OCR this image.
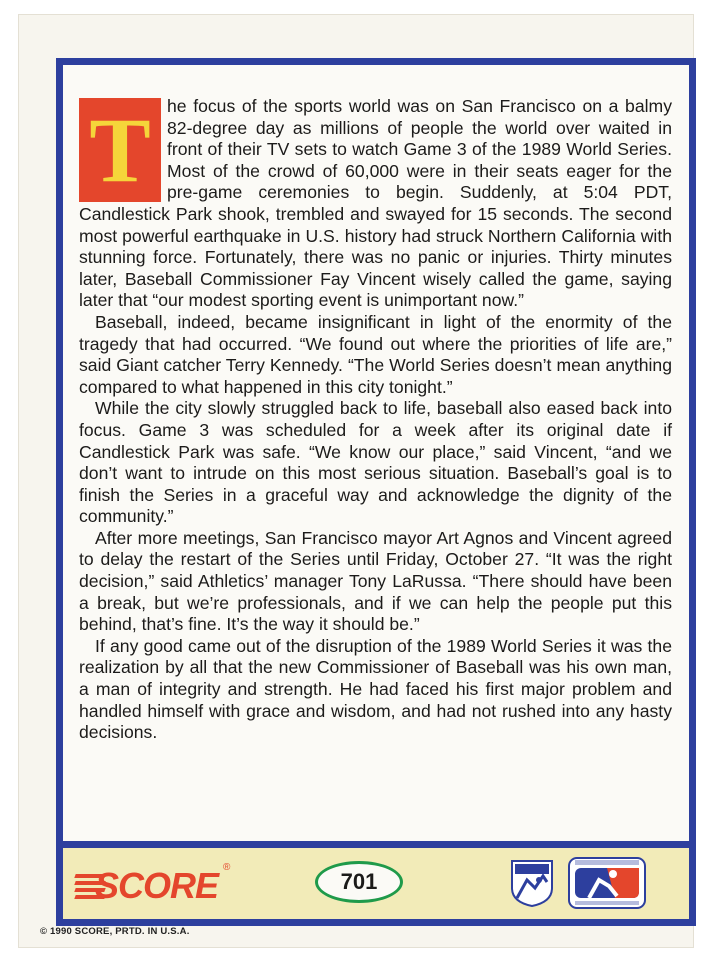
T he focus of the sports world was on San Francisco on a balmy 82-degree day as millions of people the world over waited in front of their TV sets to watch Game 3 of the 1989 World Series. Most of the crowd of 60,000 were in their seats eager for the pre-game ceremonies to begin. Suddenly, at 5:04 PDT, Candlestick Park shook, trembled and swayed for 15 seconds. The second most powerful earthquake in U.S. history had struck Northern California with stunning force. Fortunately, there was no panic or injuries. Thirty minutes later, Baseball Commissioner Fay Vincent wisely called the game, saying later that “our modest sporting event is unimportant now.”

Baseball, indeed, became insignificant in light of the enormity of the tragedy that had occurred. “We found out where the priorities of life are,” said Giant catcher Terry Kennedy. “The World Series doesn’t mean anything compared to what happened in this city tonight.”

While the city slowly struggled back to life, baseball also eased back into focus. Game 3 was scheduled for a week after its original date if Candlestick Park was safe. “We know our place,” said Vincent, “and we don’t want to intrude on this most serious situation. Baseball’s goal is to finish the Series in a graceful way and acknowledge the dignity of the community.”

After more meetings, San Francisco mayor Art Agnos and Vincent agreed to delay the restart of the Series until Friday, October 27. “It was the right decision,” said Athletics’ manager Tony LaRussa. “There should have been a break, but we’re professionals, and if we can help the people put this behind, that’s fine. It’s the way it should be.”

If any good came out of the disruption of the 1989 World Series it was the realization by all that the new Commissioner of Baseball was his own man, a man of integrity and strength. He had faced his first major problem and handled himself with grace and wisdom, and had not rushed into any hasty decisions.

SCORE ®
701
© 1990 SCORE, PRTD. IN U.S.A.
